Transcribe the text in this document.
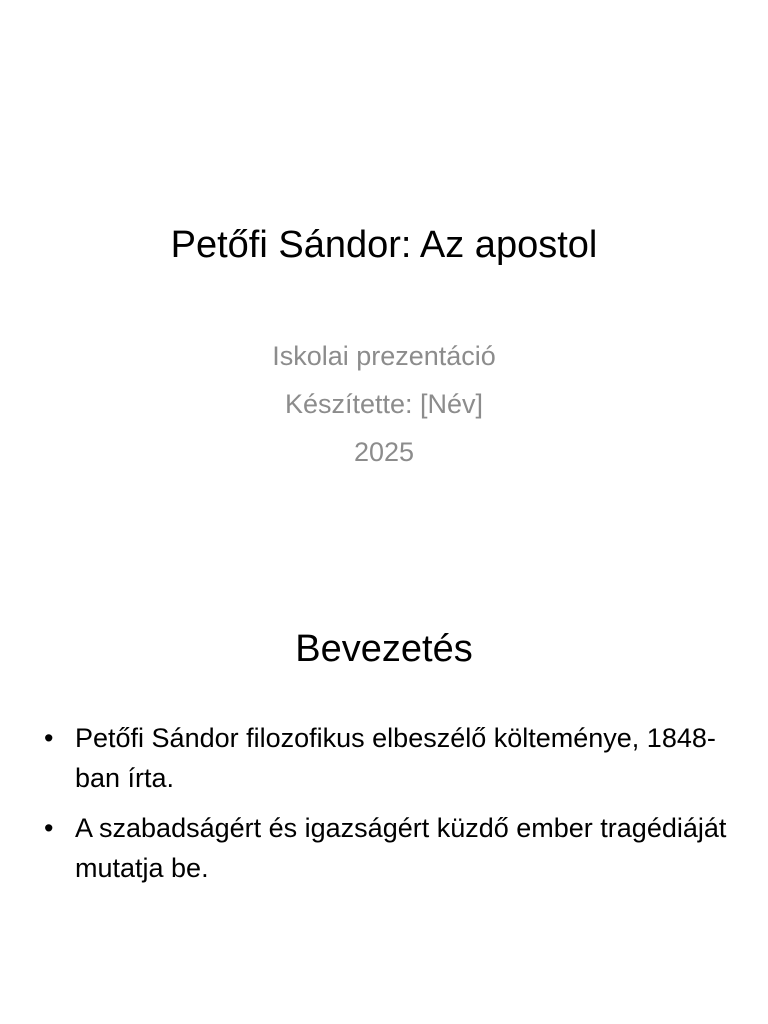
Petőfi Sándor: Az apostol
Iskolai prezentáció
Készítette: [Név]
2025
Bevezetés
• Petőfi Sándor filozofikus elbeszélő költeménye, 1848-ban írta.
• A szabadságért és igazságért küzdő ember tragédiáját mutatja be.
